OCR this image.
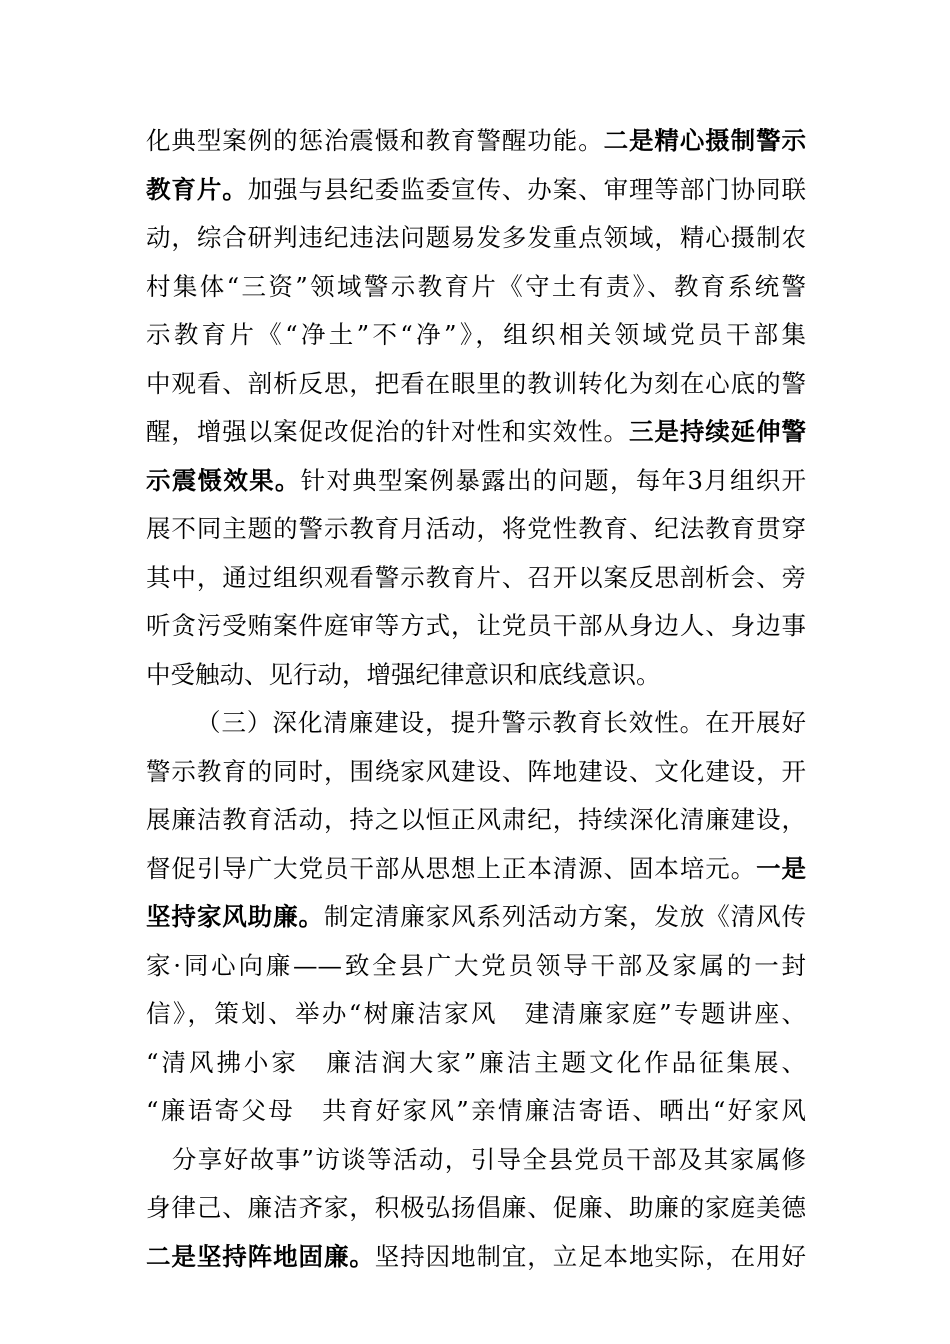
化典型案例的惩治震慑和教育警醒功能。二是精心摄制警示
教育片。加强与县纪委监委宣传、办案、审理等部门协同联
动，综合研判违纪违法问题易发多发重点领域，精心摄制农
村集体“三资”领域警示教育片《守土有责》、教育系统警
示教育片《“净土”不“净”》，组织相关领域党员干部集
中观看、剖析反思，把看在眼里的教训转化为刻在心底的警
醒，增强以案促改促治的针对性和实效性。三是持续延伸警
示震慑效果。针对典型案例暴露出的问题，每年3月组织开
展不同主题的警示教育月活动，将党性教育、纪法教育贯穿
其中，通过组织观看警示教育片、召开以案反思剖析会、旁
听贪污受贿案件庭审等方式，让党员干部从身边人、身边事
中受触动、见行动，增强纪律意识和底线意识。
（三）深化清廉建设，提升警示教育长效性。在开展好
警示教育的同时，围绕家风建设、阵地建设、文化建设，开
展廉洁教育活动，持之以恒正风肃纪，持续深化清廉建设，
督促引导广大党员干部从思想上正本清源、固本培元。一是
坚持家风助廉。制定清廉家风系列活动方案，发放《清风传
家·同心向廉——致全县广大党员领导干部及家属的一封
信》，策划、举办“树廉洁家风　建清廉家庭”专题讲座、
“清风拂小家　廉洁润大家”廉洁主题文化作品征集展、
“廉语寄父母　共育好家风”亲情廉洁寄语、晒出“好家风
　分享好故事”访谈等活动，引导全县党员干部及其家属修
身律己、廉洁齐家，积极弘扬倡廉、促廉、助廉的家庭美德
二是坚持阵地固廉。坚持因地制宜，立足本地实际，在用好
